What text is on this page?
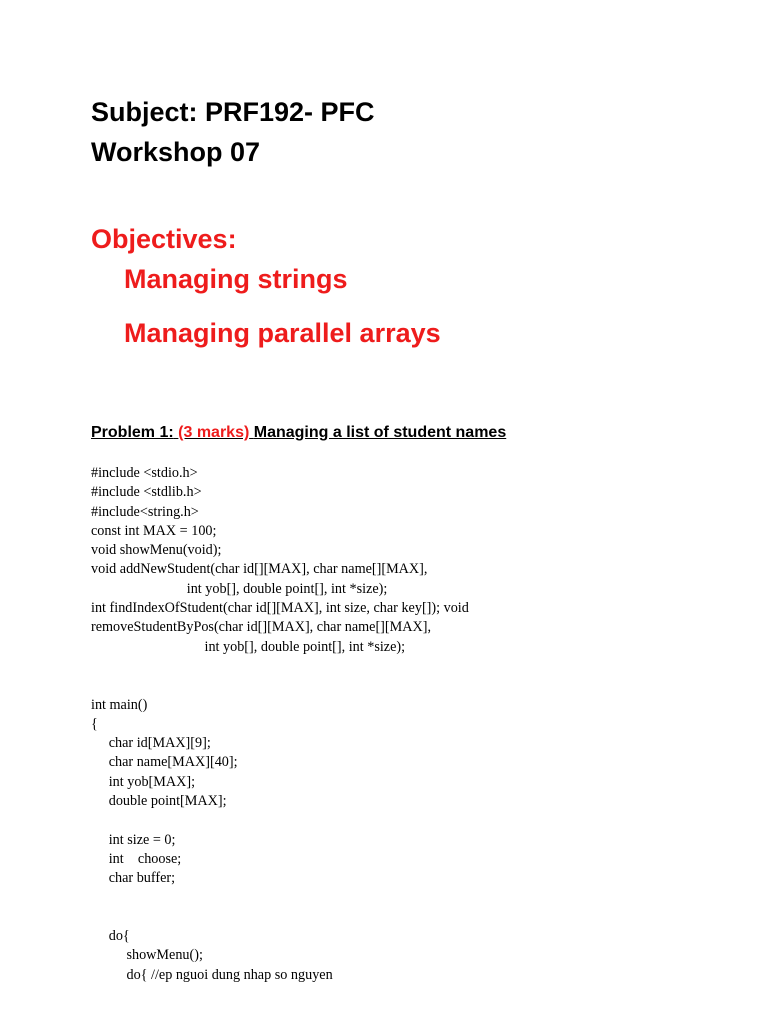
Subject: PRF192- PFC
Workshop 07
Objectives:
Managing strings
Managing parallel arrays
Problem 1: (3 marks) Managing a list of student names
#include <stdio.h>
#include <stdlib.h>
#include<string.h>
const int MAX = 100;
void showMenu(void);
void addNewStudent(char id[][MAX], char name[][MAX],
int yob[], double point[], int *size);
int findIndexOfStudent(char id[][MAX], int size, char key[]); void
removeStudentByPos(char id[][MAX], char name[][MAX],
int yob[], double point[], int *size);
int main()
{
char id[MAX][9];
char name[MAX][40];
int yob[MAX];
double point[MAX];
int size = 0;
int    choose;
char buffer;
do{
showMenu();
do{ //ep nguoi dung nhap so nguyen
